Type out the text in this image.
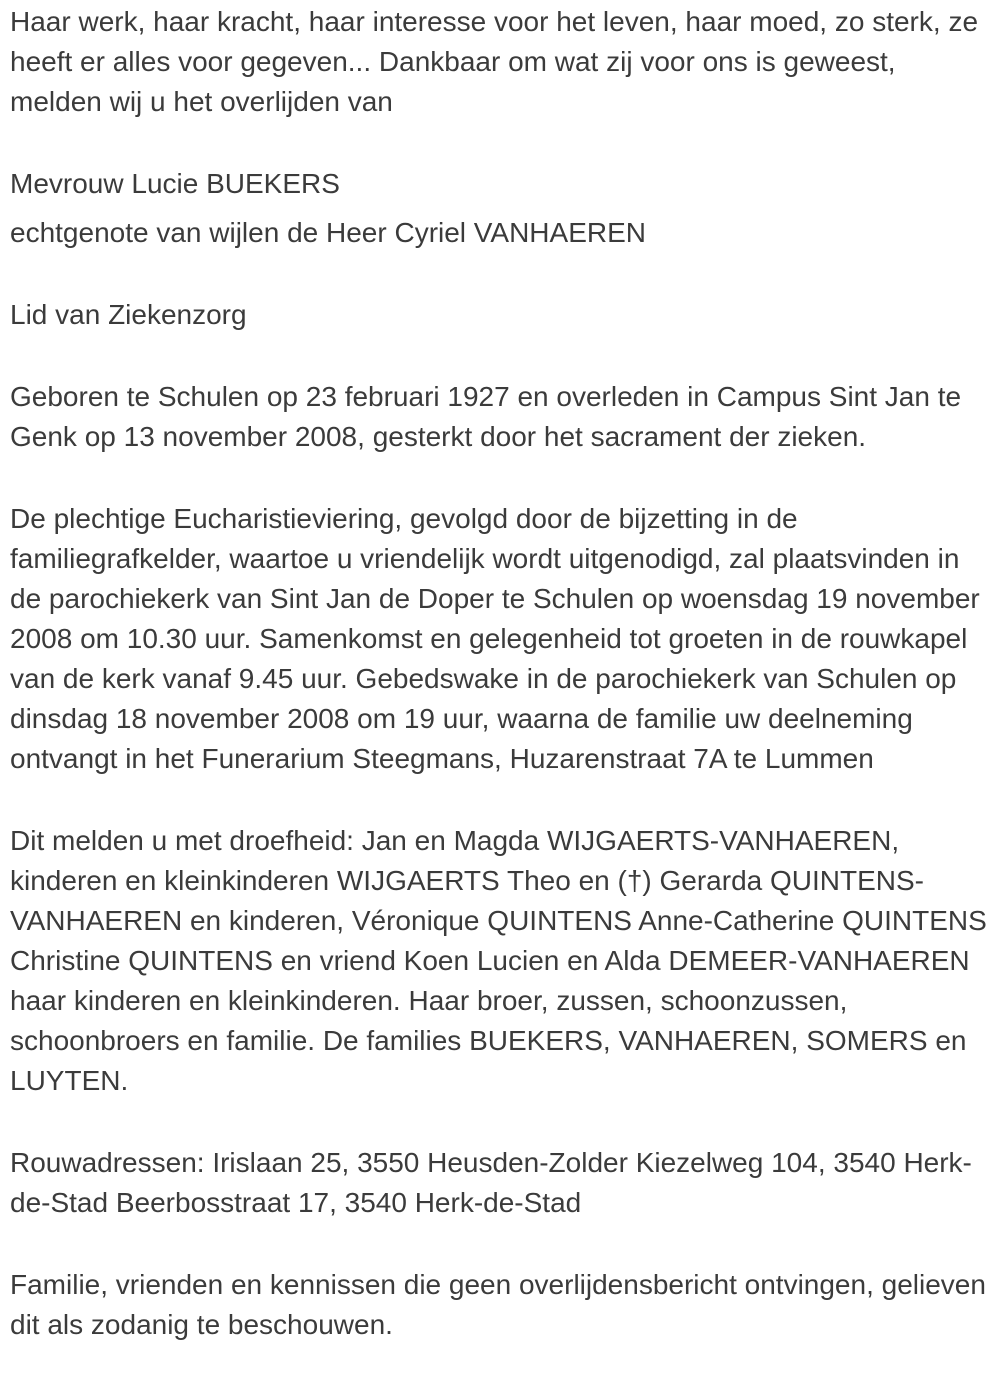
Haar werk, haar kracht, haar interesse voor het leven, haar moed, zo sterk, ze heeft er alles voor gegeven... Dankbaar om wat zij voor ons is geweest, melden wij u het overlijden van

Mevrouw Lucie BUEKERS

echtgenote van wijlen de Heer Cyriel VANHAEREN

Lid van Ziekenzorg

Geboren te Schulen op 23 februari 1927 en overleden in Campus Sint Jan te Genk op 13 november 2008, gesterkt door het sacrament der zieken.

De plechtige Eucharistieviering, gevolgd door de bijzetting in de familiegrafkelder, waartoe u vriendelijk wordt uitgenodigd, zal plaatsvinden in de parochiekerk van Sint Jan de Doper te Schulen op woensdag 19 november 2008 om 10.30 uur. Samenkomst en gelegenheid tot groeten in de rouwkapel van de kerk vanaf 9.45 uur. Gebedswake in de parochiekerk van Schulen op dinsdag 18 november 2008 om 19 uur, waarna de familie uw deelneming ontvangt in het Funerarium Steegmans, Huzarenstraat 7A te Lummen

Dit melden u met droefheid: Jan en Magda WIJGAERTS-VANHAEREN, kinderen en kleinkinderen WIJGAERTS Theo en (†) Gerarda QUINTENS-VANHAEREN en kinderen, Véronique QUINTENS Anne-Catherine QUINTENS Christine QUINTENS en vriend Koen Lucien en Alda DEMEER-VANHAEREN haar kinderen en kleinkinderen. Haar broer, zussen, schoonzussen, schoonbroers en familie. De families BUEKERS, VANHAEREN, SOMERS en LUYTEN.

Rouwadressen: Irislaan 25, 3550 Heusden-Zolder Kiezelweg 104, 3540 Herk-de-Stad Beerbosstraat 17, 3540 Herk-de-Stad

Familie, vrienden en kennissen die geen overlijdensbericht ontvingen, gelieven dit als zodanig te beschouwen.
